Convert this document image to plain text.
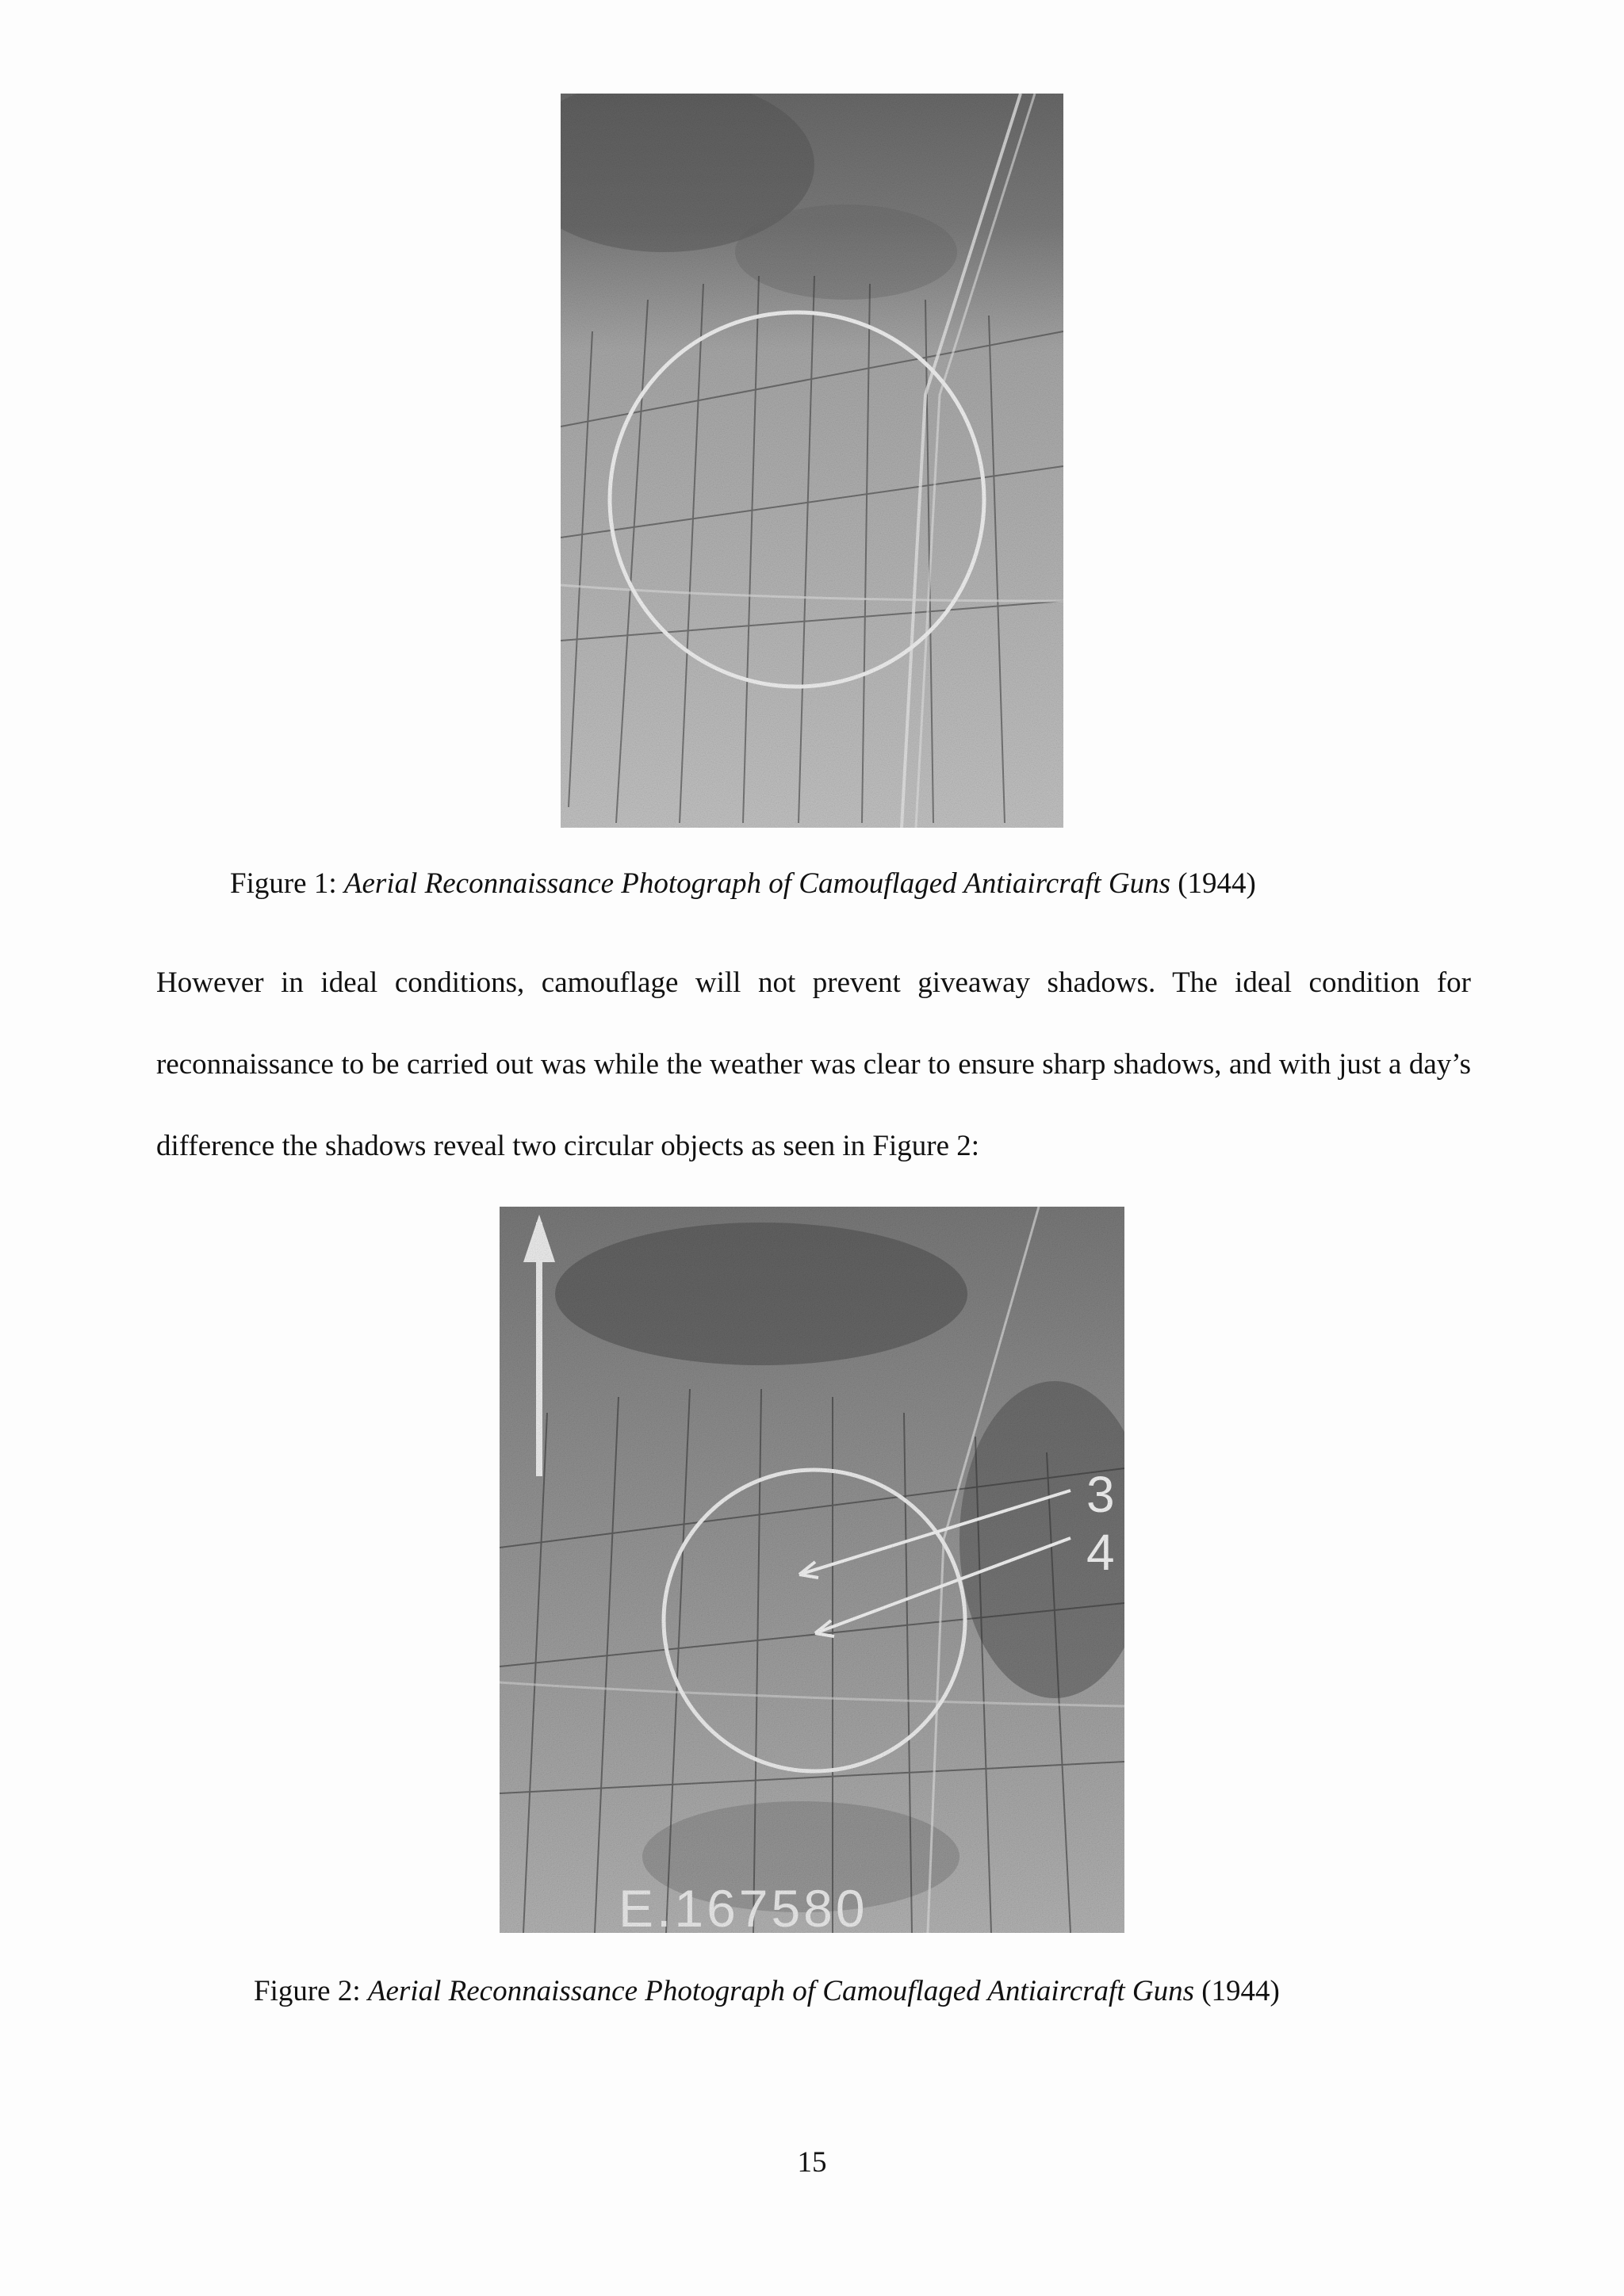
Figure 1: Aerial Reconnaissance Photograph of Camouflaged Antiaircraft Guns (1944)

However in ideal conditions, camouflage will not prevent giveaway shadows. The ideal condition for reconnaissance to be carried out was while the weather was clear to ensure sharp shadows, and with just a day’s difference the shadows reveal two circular objects as seen in Figure 2:

3
4
E.167580
Figure 2: Aerial Reconnaissance Photograph of Camouflaged Antiaircraft Guns (1944)
15
